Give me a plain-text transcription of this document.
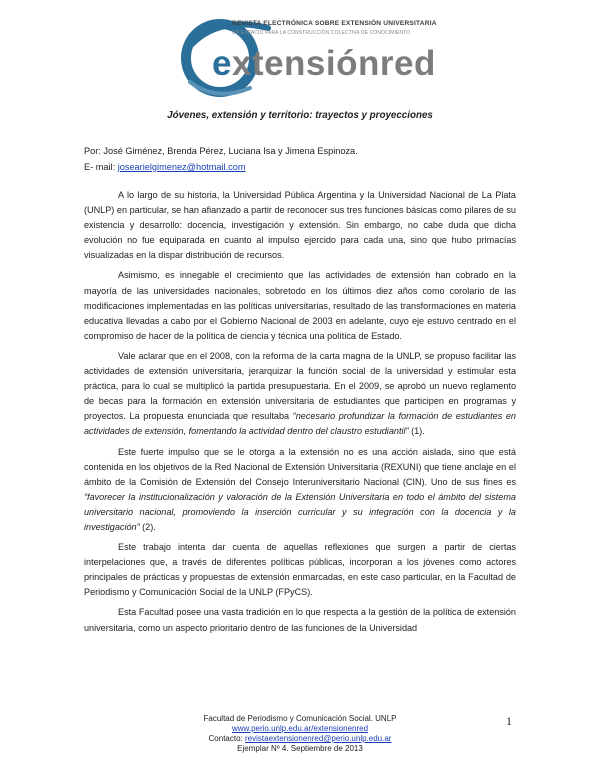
REVISTA ELECTRÓNICA SOBRE EXTENSIÓN UNIVERSITARIA
UN ESPACIO PARA LA CONSTRUCCIÓN COLECTIVA DE CONOCIMIENTO
extensiónred
Jóvenes, extensión y territorio: trayectos y proyecciones
Por: José Giménez, Brenda Pérez, Luciana Isa y Jimena Espinoza.
E- mail: josearielgimenez@hotmail.com

A lo largo de su historia, la Universidad Pública Argentina y la Universidad Nacional de La Plata (UNLP) en particular, se han afianzado a partir de reconocer sus tres funciones básicas como pilares de su existencia y desarrollo: docencia, investigación y extensión. Sin embargo, no cabe duda que dicha evolución no fue equiparada en cuanto al impulso ejercido para cada una, sino que hubo primacías visualizadas en la dispar distribución de recursos.

Asimismo, es innegable el crecimiento que las actividades de extensión han cobrado en la mayoría de las universidades nacionales, sobretodo en los últimos diez años como corolario de las modificaciones implementadas en las políticas universitarias, resultado de las transformaciones en materia educativa llevadas a cabo por el Gobierno Nacional de 2003 en adelante, cuyo eje estuvo centrado en el compromiso de hacer de la política de ciencia y técnica una política de Estado.

Vale aclarar que en el 2008, con la reforma de la carta magna de la UNLP, se propuso facilitar las actividades de extensión universitaria, jerarquizar la función social de la universidad y estimular esta práctica, para lo cual se multiplicó la partida presupuestaria. En el 2009, se aprobó un nuevo reglamento de becas para la formación en extensión universitaria de estudiantes que participen en programas y proyectos. La propuesta enunciada que resultaba “necesario profundizar la formación de estudiantes en actividades de extensión, fomentando la actividad dentro del claustro estudiantil” (1).

Este fuerte impulso que se le otorga a la extensión no es una acción aislada, sino que está contenida en los objetivos de la Red Nacional de Extensión Universitaria (REXUNI) que tiene anclaje en el ámbito de la Comisión de Extensión del Consejo Interuniversitario Nacional (CIN). Uno de sus fines es “favorecer la institucionalización y valoración de la Extensión Universitaria en todo el ámbito del sistema universitario nacional, promoviendo la inserción curricular y su integración con la docencia y la investigación” (2).

Este trabajo intenta dar cuenta de aquellas reflexiones que surgen a partir de ciertas interpelaciones que, a través de diferentes políticas públicas, incorporan a los jóvenes como actores principales de prácticas y propuestas de extensión enmarcadas, en este caso particular, en la Facultad de Periodismo y Comunicación Social de la UNLP (FPyCS).

Esta Facultad posee una vasta tradición en lo que respecta a la gestión de la política de extensión universitaria, como un aspecto prioritario dentro de las funciones de la Universidad

Facultad de Periodismo y Comunicación Social. UNLP
www.perio.unlp.edu.ar/extensionenred
Contacto: revistaextensionenred@perio.unlp.edu.ar
Ejemplar Nº 4. Septiembre de 2013
1
